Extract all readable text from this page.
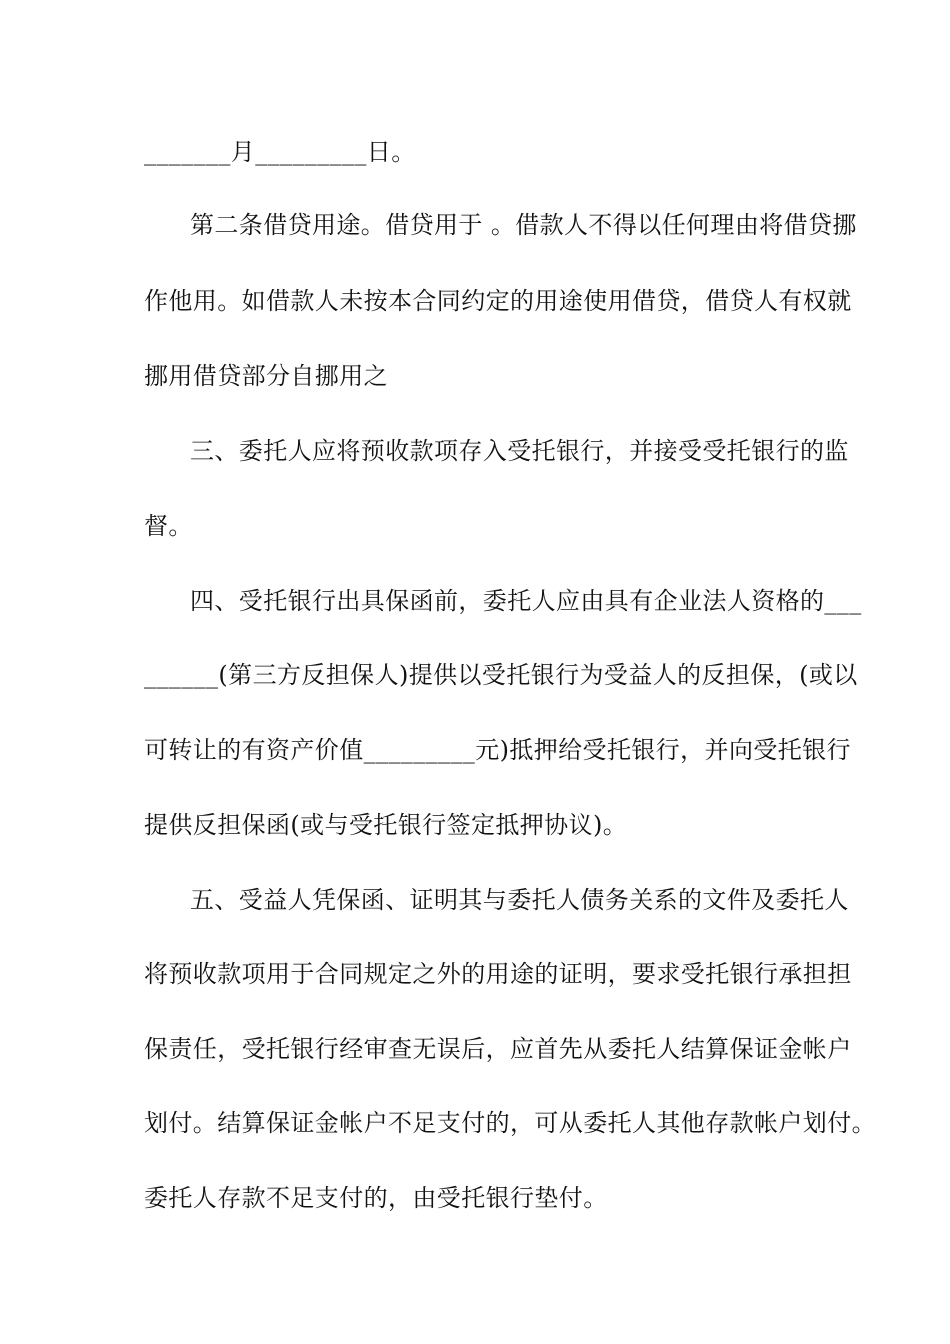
_______月_________日。
第二条借贷用途。借贷用于 。借款人不得以任何理由将借贷挪
作他用。如借款人未按本合同约定的用途使用借贷，借贷人有权就
挪用借贷部分自挪用之
三、委托人应将预收款项存入受托银行，并接受受托银行的监
督。
四、受托银行出具保函前，委托人应由具有企业法人资格的___
______(第三方反担保人)提供以受托银行为受益人的反担保，(或以
可转让的有资产价值_________元)抵押给受托银行，并向受托银行
提供反担保函(或与受托银行签定抵押协议)。
五、受益人凭保函、证明其与委托人债务关系的文件及委托人
将预收款项用于合同规定之外的用途的证明，要求受托银行承担担
保责任，受托银行经审查无误后，应首先从委托人结算保证金帐户
划付。结算保证金帐户不足支付的，可从委托人其他存款帐户划付。
委托人存款不足支付的，由受托银行垫付。
